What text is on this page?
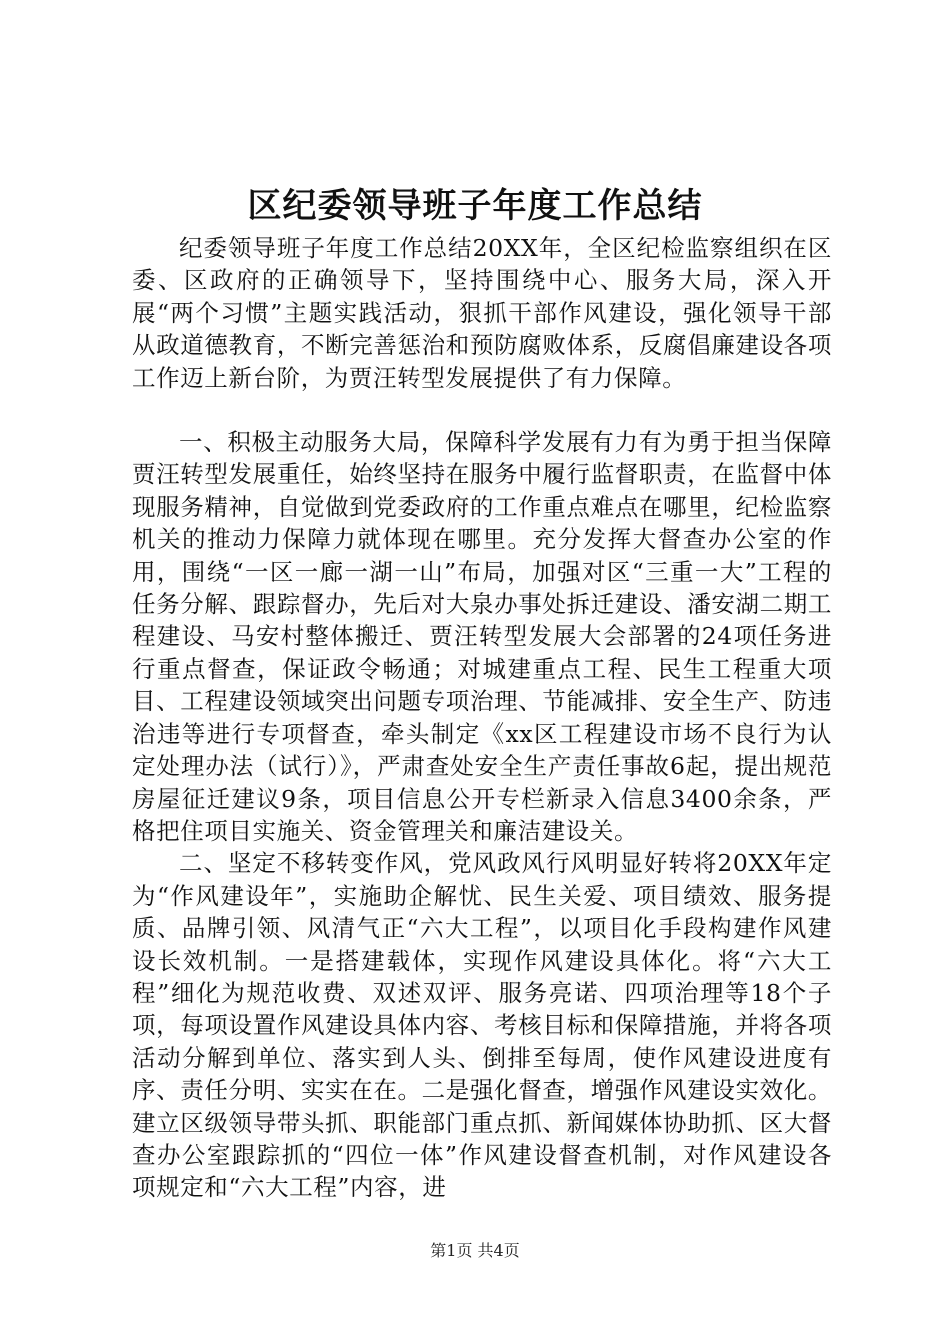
区纪委领导班子年度工作总结

纪委领导班子年度工作总结20XX年，全区纪检监察组织在区委、区政府的正确领导下，坚持围绕中心、服务大局，深入开展“两个习惯”主题实践活动，狠抓干部作风建设，强化领导干部从政道德教育，不断完善惩治和预防腐败体系，反腐倡廉建设各项工作迈上新台阶，为贾汪转型发展提供了有力保障。

一、积极主动服务大局，保障科学发展有力有为勇于担当保障贾汪转型发展重任，始终坚持在服务中履行监督职责，在监督中体现服务精神，自觉做到党委政府的工作重点难点在哪里，纪检监察机关的推动力保障力就体现在哪里。充分发挥大督查办公室的作用，围绕“一区一廊一湖一山”布局，加强对区“三重一大”工程的任务分解、跟踪督办，先后对大泉办事处拆迁建设、潘安湖二期工程建设、马安村整体搬迁、贾汪转型发展大会部署的24项任务进行重点督查，保证政令畅通；对城建重点工程、民生工程重大项目、工程建设领域突出问题专项治理、节能减排、安全生产、防违治违等进行专项督查，牵头制定《xx区工程建设市场不良行为认定处理办法（试行）》，严肃查处安全生产责任事故6起，提出规范房屋征迁建议9条，项目信息公开专栏新录入信息3400余条，严格把住项目实施关、资金管理关和廉洁建设关。

二、坚定不移转变作风，党风政风行风明显好转将20XX年定为“作风建设年”，实施助企解忧、民生关爱、项目绩效、服务提质、品牌引领、风清气正“六大工程”，以项目化手段构建作风建设长效机制。一是搭建载体，实现作风建设具体化。将“六大工程”细化为规范收费、双述双评、服务亮诺、四项治理等18个子项，每项设置作风建设具体内容、考核目标和保障措施，并将各项活动分解到单位、落实到人头、倒排至每周，使作风建设进度有序、责任分明、实实在在。二是强化督查，增强作风建设实效化。建立区级领导带头抓、职能部门重点抓、新闻媒体协助抓、区大督查办公室跟踪抓的“四位一体”作风建设督查机制，对作风建设各项规定和“六大工程”内容，进

第1页 共4页
